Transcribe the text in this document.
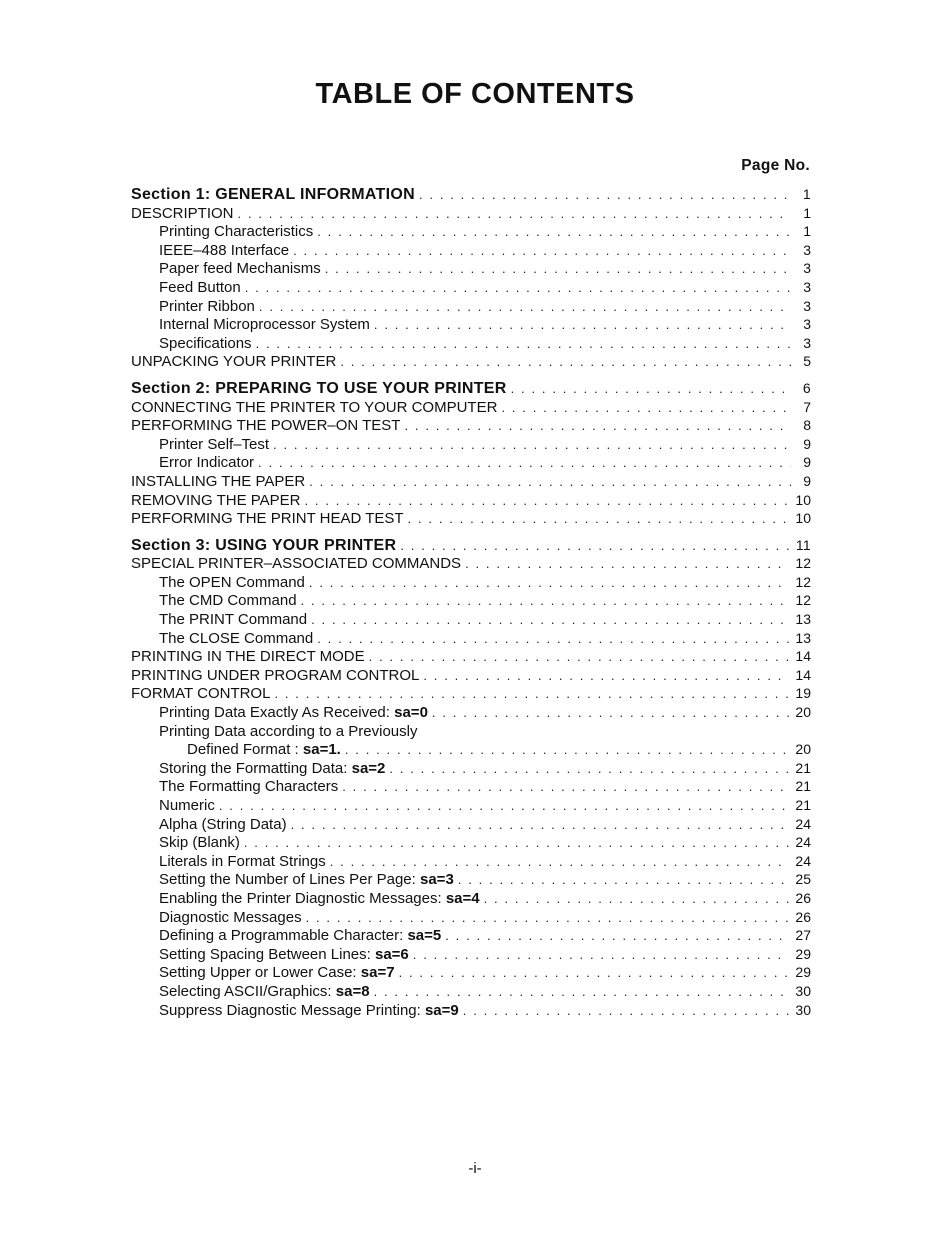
TABLE OF CONTENTS
Page No.
Section 1: GENERAL INFORMATION . . .	1
DESCRIPTION . . .	1
Printing Characteristics . . .	1
IEEE–488 Interface . . .	3
Paper feed Mechanisms . . .	3
Feed Button . . .	3
Printer Ribbon . . .	3
Internal Microprocessor System . . .	3
Specifications . . .	3
UNPACKING YOUR PRINTER . . .	5
Section 2: PREPARING TO USE YOUR PRINTER . . .	6
CONNECTING THE PRINTER TO YOUR COMPUTER . . .	7
PERFORMING THE POWER–ON TEST . . .	8
Printer Self–Test . . .	9
Error Indicator . . .	9
INSTALLING THE PAPER . . .	9
REMOVING THE PAPER . . .	10
PERFORMING THE PRINT HEAD TEST . . .	10
Section 3: USING YOUR PRINTER . . .	11
SPECIAL PRINTER–ASSOCIATED COMMANDS . . .	12
The OPEN Command . . .	12
The CMD Command . . .	12
The PRINT Command . . .	13
The CLOSE Command . . .	13
PRINTING IN THE DIRECT MODE . . .	14
PRINTING UNDER PROGRAM CONTROL . . .	14
FORMAT CONTROL . . .	19
Printing Data Exactly As Received: sa=0 . . .	20
Printing Data according to a Previously
Defined Format : sa=1. . . .	20
Storing the Formatting Data: sa=2 . . .	21
The Formatting Characters . . .	21
Numeric . . .	21
Alpha (String Data) . . .	24
Skip (Blank) . . .	24
Literals in Format Strings . . .	24
Setting the Number of Lines Per Page: sa=3 . . .	25
Enabling the Printer Diagnostic Messages: sa=4 . . .	26
Diagnostic Messages . . .	26
Defining a Programmable Character: sa=5 . . .	27
Setting Spacing Between Lines: sa=6 . . .	29
Setting Upper or Lower Case: sa=7 . . .	29
Selecting ASCII/Graphics: sa=8 . . .	30
Suppress Diagnostic Message Printing: sa=9 . . .	30
-i-
